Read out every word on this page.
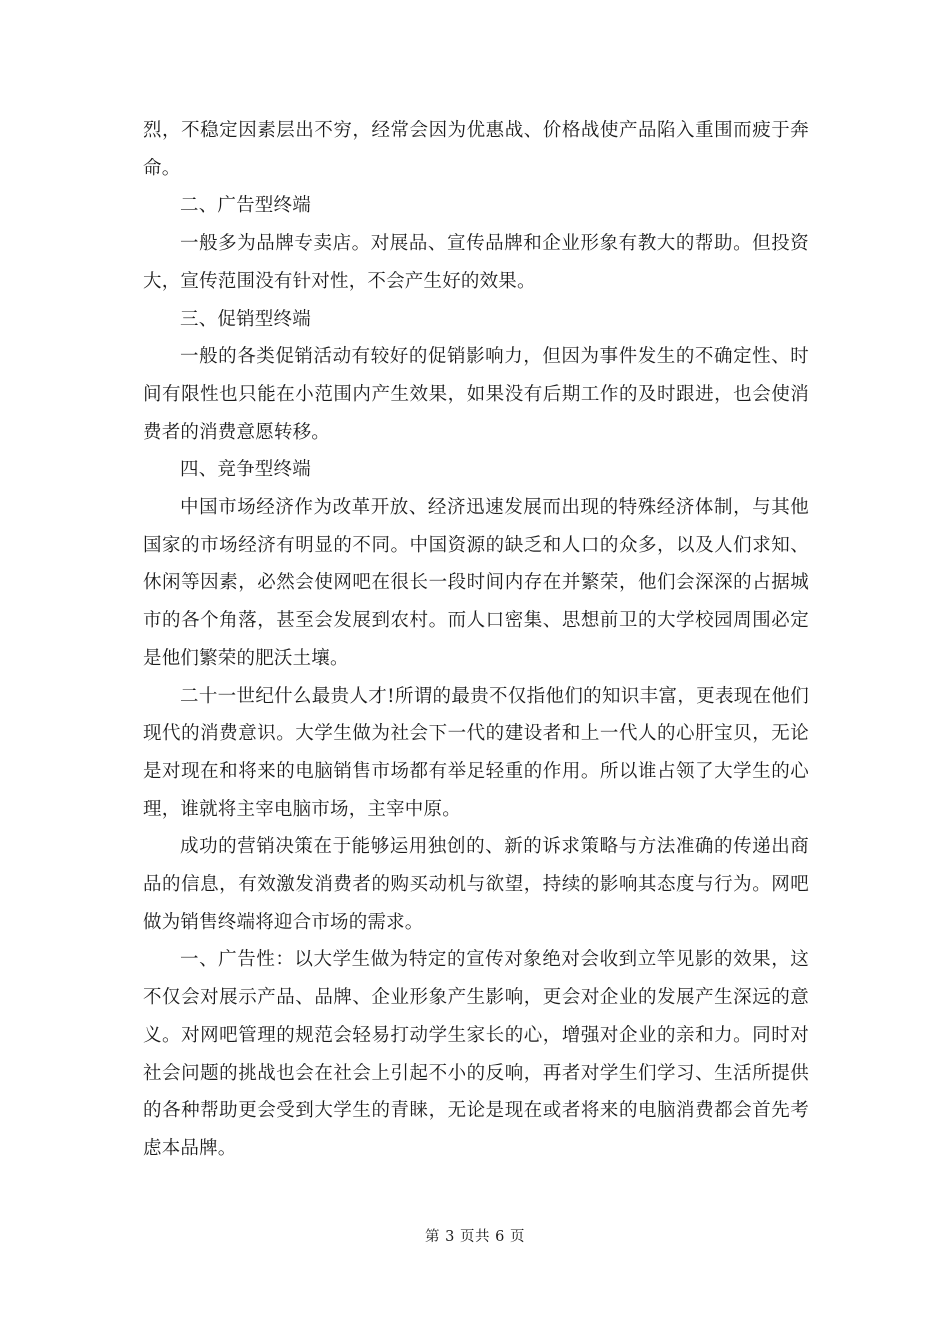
烈，不稳定因素层出不穷，经常会因为优惠战、价格战使产品陷入重围而疲于奔命。

二、广告型终端

一般多为品牌专卖店。对展品、宣传品牌和企业形象有教大的帮助。但投资大，宣传范围没有针对性，不会产生好的效果。

三、促销型终端

一般的各类促销活动有较好的促销影响力，但因为事件发生的不确定性、时间有限性也只能在小范围内产生效果，如果没有后期工作的及时跟进，也会使消费者的消费意愿转移。

四、竞争型终端

中国市场经济作为改革开放、经济迅速发展而出现的特殊经济体制，与其他国家的市场经济有明显的不同。中国资源的缺乏和人口的众多，以及人们求知、休闲等因素，必然会使网吧在很长一段时间内存在并繁荣，他们会深深的占据城市的各个角落，甚至会发展到农村。而人口密集、思想前卫的大学校园周围必定是他们繁荣的肥沃土壤。

二十一世纪什么最贵人才!所谓的最贵不仅指他们的知识丰富，更表现在他们现代的消费意识。大学生做为社会下一代的建设者和上一代人的心肝宝贝，无论是对现在和将来的电脑销售市场都有举足轻重的作用。所以谁占领了大学生的心理，谁就将主宰电脑市场，主宰中原。

成功的营销决策在于能够运用独创的、新的诉求策略与方法准确的传递出商品的信息，有效激发消费者的购买动机与欲望，持续的影响其态度与行为。网吧做为销售终端将迎合市场的需求。

一、广告性：以大学生做为特定的宣传对象绝对会收到立竿见影的效果，这不仅会对展示产品、品牌、企业形象产生影响，更会对企业的发展产生深远的意义。对网吧管理的规范会轻易打动学生家长的心，增强对企业的亲和力。同时对社会问题的挑战也会在社会上引起不小的反响，再者对学生们学习、生活所提供的各种帮助更会受到大学生的青睐，无论是现在或者将来的电脑消费都会首先考虑本品牌。

第 3 页共 6 页
